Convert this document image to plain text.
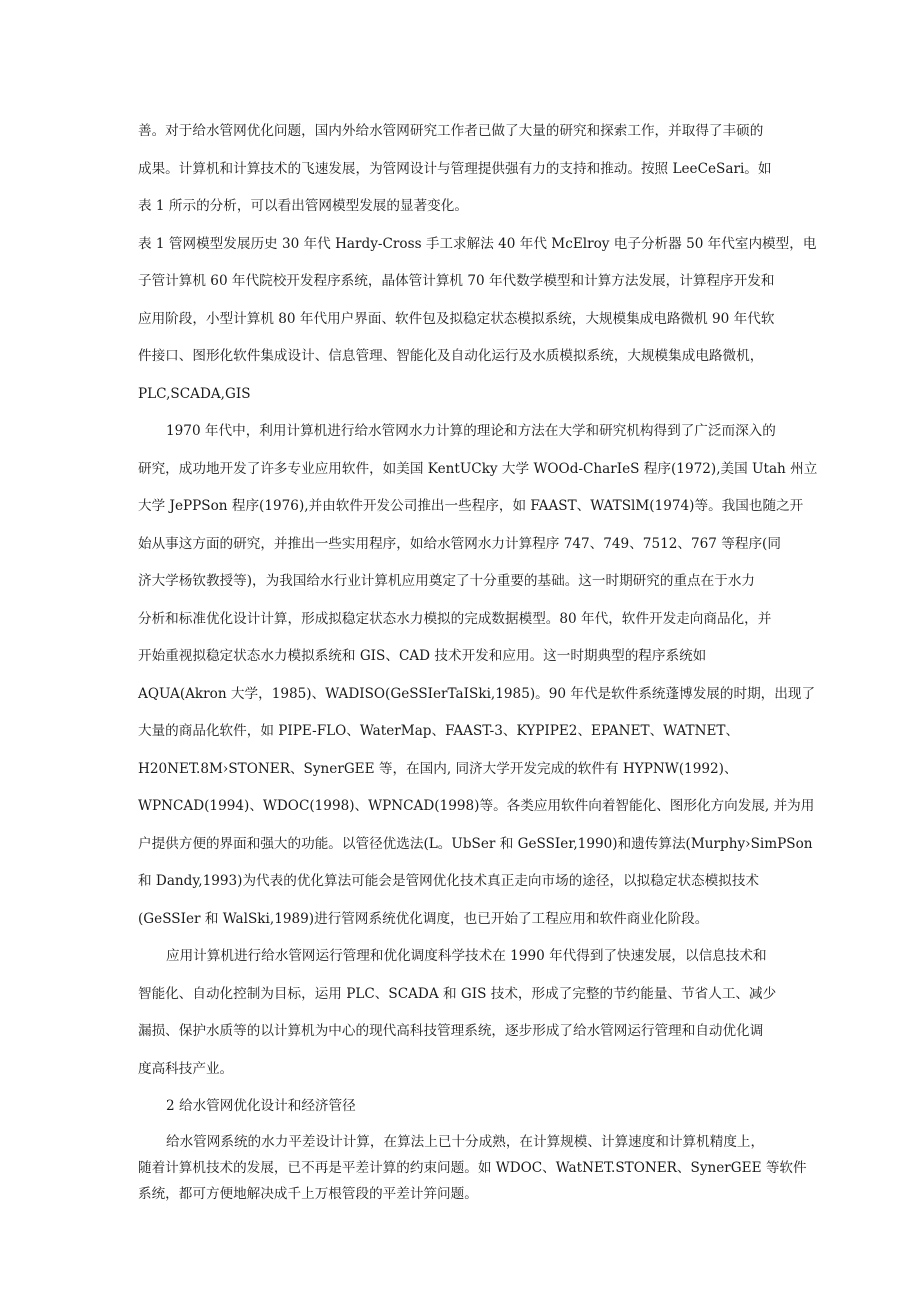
善。对于给水管网优化问题，国内外给水管网研究工作者已做了大量的研究和探索工作，并取得了丰硕的

成果。计算机和计算技术的飞速发展，为管网设计与管理提供强有力的支持和推动。按照 LeeCeSari。如

表 1 所示的分析，可以看出管网模型发展的显著变化。

表 1 管网模型发展历史 30 年代 Hardy-Cross 手工求解法 40 年代 McElroy 电子分析器 50 年代室内模型，电

子管计算机 60 年代院校开发程序系统，晶体管计算机 70 年代数学模型和计算方法发展，计算程序开发和

应用阶段，小型计算机 80 年代用户界面、软件包及拟稳定状态模拟系统，大规模集成电路微机 90 年代软

件接口、图形化软件集成设计、信息管理、智能化及自动化运行及水质模拟系统，大规模集成电路微机，

PLC,SCADA,GIS

1970 年代中，利用计算机进行给水管网水力计算的理论和方法在大学和研究机构得到了广泛而深入的

研究，成功地开发了许多专业应用软件，如美国 KentUCky 大学 WOOd-CharIeS 程序(1972),美国 Utah 州立

大学 JePPSon 程序(1976),并由软件开发公司推出一些程序，如 FAAST、WATSlM(1974)等。我国也随之开

始从事这方面的研究，并推出一些实用程序，如给水管网水力计算程序 747、749、7512、767 等程序(同

济大学杨钦教授等)，为我国给水行业计算机应用奠定了十分重要的基础。这一时期研究的重点在于水力

分析和标准优化设计计算，形成拟稳定状态水力模拟的完成数据模型。80 年代，软件开发走向商品化，并

开始重视拟稳定状态水力模拟系统和 GIS、CAD 技术开发和应用。这一时期典型的程序系统如

AQUA(Akron 大学，1985)、WADISO(GeSSIerTaISki,1985)。90 年代是软件系统蓬博发展的时期，出现了

大量的商品化软件，如 PIPE-FLO、WaterMap、FAAST-3、KYPIPE2、EPANET、WATNET、

H20NET.8M›STONER、SynerGEE 等，在国内, 同济大学开发完成的软件有 HYPNW(1992)、

WPNCAD(1994)、WDOC(1998)、WPNCAD(1998)等。各类应用软件向着智能化、图形化方向发展, 并为用

户提供方便的界面和强大的功能。以管径优选法(L。UbSer 和 GeSSIer,1990)和遗传算法(Murphy›SimPSon

和 Dandy,1993)为代表的优化算法可能会是管网优化技术真正走向市场的途径，以拟稳定状态模拟技术

(GeSSIer 和 WalSki,1989)进行管网系统优化调度，也已开始了工程应用和软件商业化阶段。

应用计算机进行给水管网运行管理和优化调度科学技术在 1990 年代得到了快速发展，以信息技术和

智能化、自动化控制为目标，运用 PLC、SCADA 和 GIS 技术，形成了完整的节约能量、节省人工、减少

漏损、保护水质等的以计算机为中心的现代高科技管理系统，逐步形成了给水管网运行管理和自动优化调

度高科技产业。

2 给水管网优化设计和经济管径

给水管网系统的水力平差设计计算，在算法上已十分成熟，在计算规模、计算速度和计算机精度上，

随着计算机技术的发展，已不再是平差计算的约束问题。如 WDOC、WatNET.STONER、SynerGEE 等软件

系统，都可方便地解决成千上万根管段的平差计笄问题。
